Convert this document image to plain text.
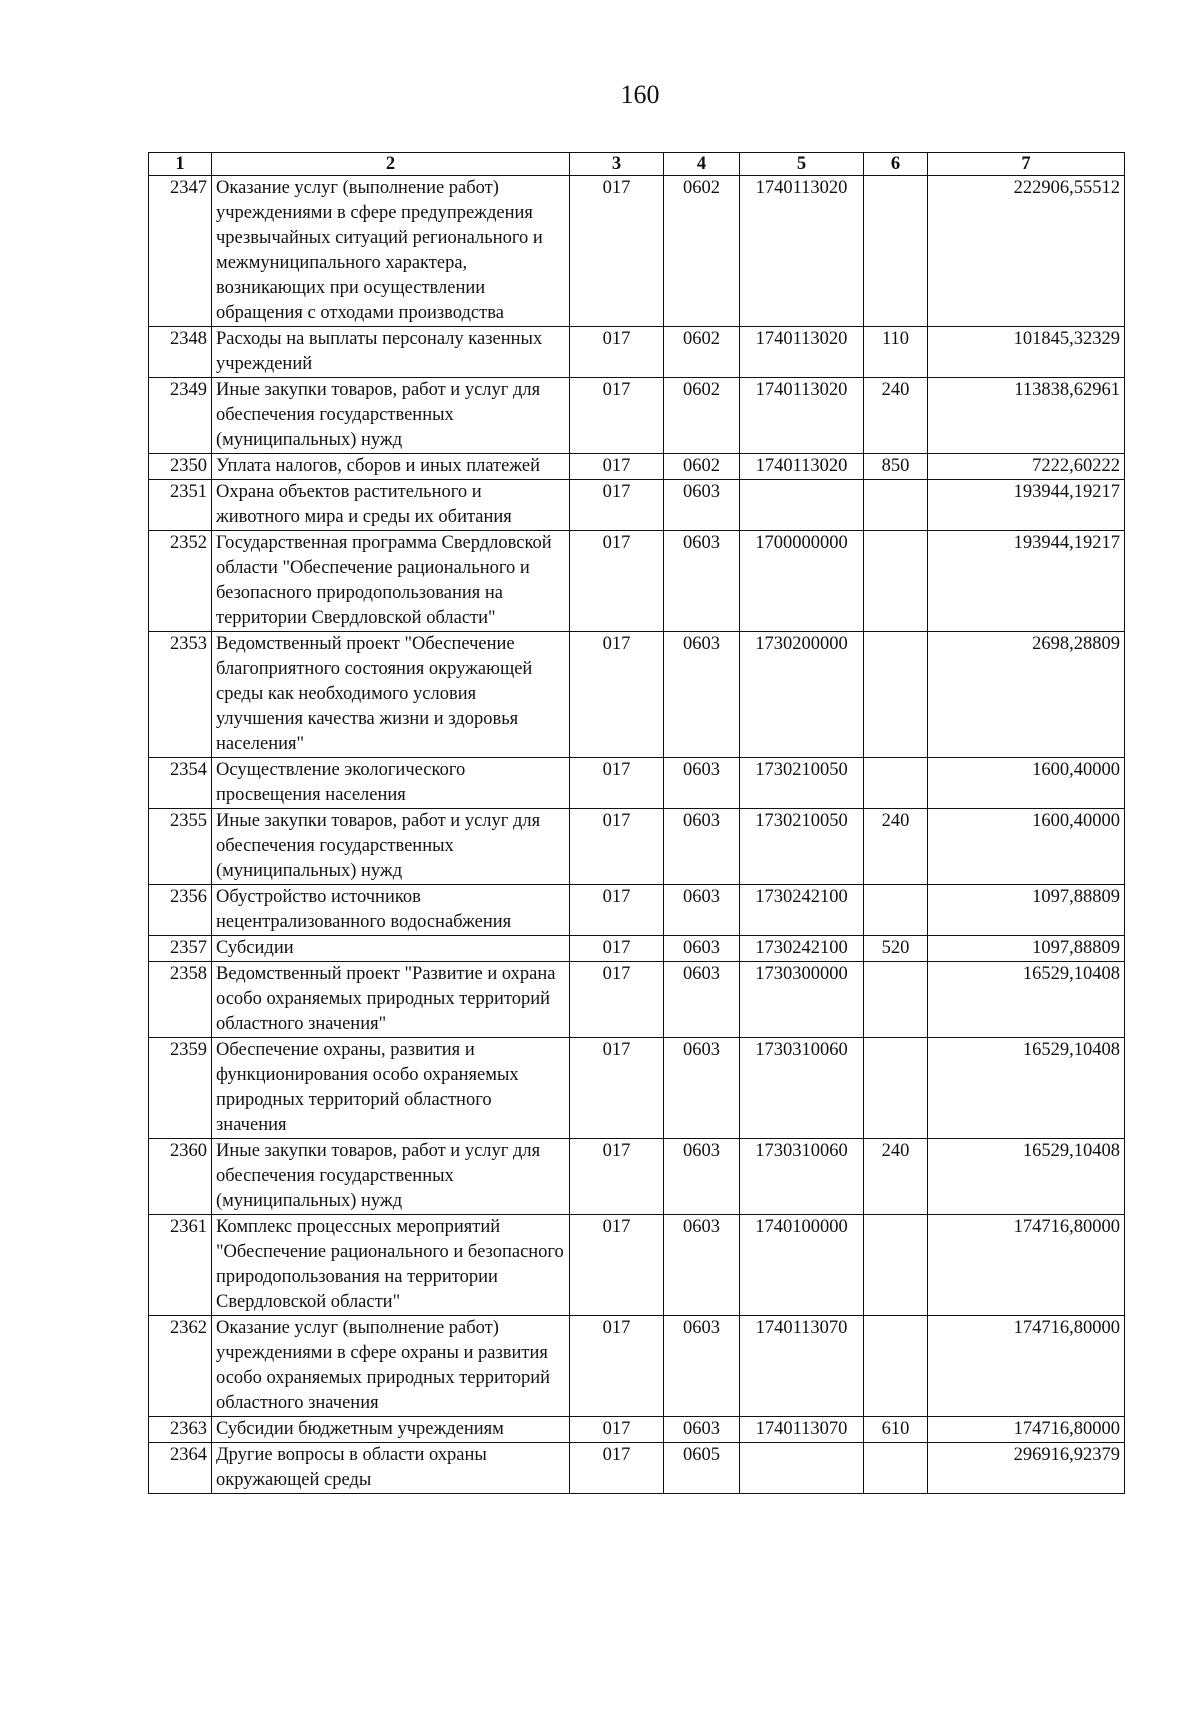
160
1	2	3	4	5	6	7
2347	Оказание услуг (выполнение работ) учреждениями в сфере предупреждения чрезвычайных ситуаций регионального и межмуниципального характера, возникающих при осуществлении обращения с отходами производства	017	0602	1740113020		222906,55512
2348	Расходы на выплаты персоналу казенных учреждений	017	0602	1740113020	110	101845,32329
2349	Иные закупки товаров, работ и услуг для обеспечения государственных (муниципальных) нужд	017	0602	1740113020	240	113838,62961
2350	Уплата налогов, сборов и иных платежей	017	0602	1740113020	850	7222,60222
2351	Охрана объектов растительного и животного мира и среды их обитания	017	0603			193944,19217
2352	Государственная программа Свердловской области "Обеспечение рационального и безопасного природопользования на территории Свердловской области"	017	0603	1700000000		193944,19217
2353	Ведомственный проект "Обеспечение благоприятного состояния окружающей среды как необходимого условия улучшения качества жизни и здоровья населения"	017	0603	1730200000		2698,28809
2354	Осуществление экологического просвещения населения	017	0603	1730210050		1600,40000
2355	Иные закупки товаров, работ и услуг для обеспечения государственных (муниципальных) нужд	017	0603	1730210050	240	1600,40000
2356	Обустройство источников нецентрализованного водоснабжения	017	0603	1730242100		1097,88809
2357	Субсидии	017	0603	1730242100	520	1097,88809
2358	Ведомственный проект "Развитие и охрана особо охраняемых природных территорий областного значения"	017	0603	1730300000		16529,10408
2359	Обеспечение охраны, развития и функционирования особо охраняемых природных территорий областного значения	017	0603	1730310060		16529,10408
2360	Иные закупки товаров, работ и услуг для обеспечения государственных (муниципальных) нужд	017	0603	1730310060	240	16529,10408
2361	Комплекс процессных мероприятий "Обеспечение рационального и безопасного природопользования на территории Свердловской области"	017	0603	1740100000		174716,80000
2362	Оказание услуг (выполнение работ) учреждениями в сфере охраны и развития особо охраняемых природных территорий областного значения	017	0603	1740113070		174716,80000
2363	Субсидии бюджетным учреждениям	017	0603	1740113070	610	174716,80000
2364	Другие вопросы в области охраны окружающей среды	017	0605			296916,92379
